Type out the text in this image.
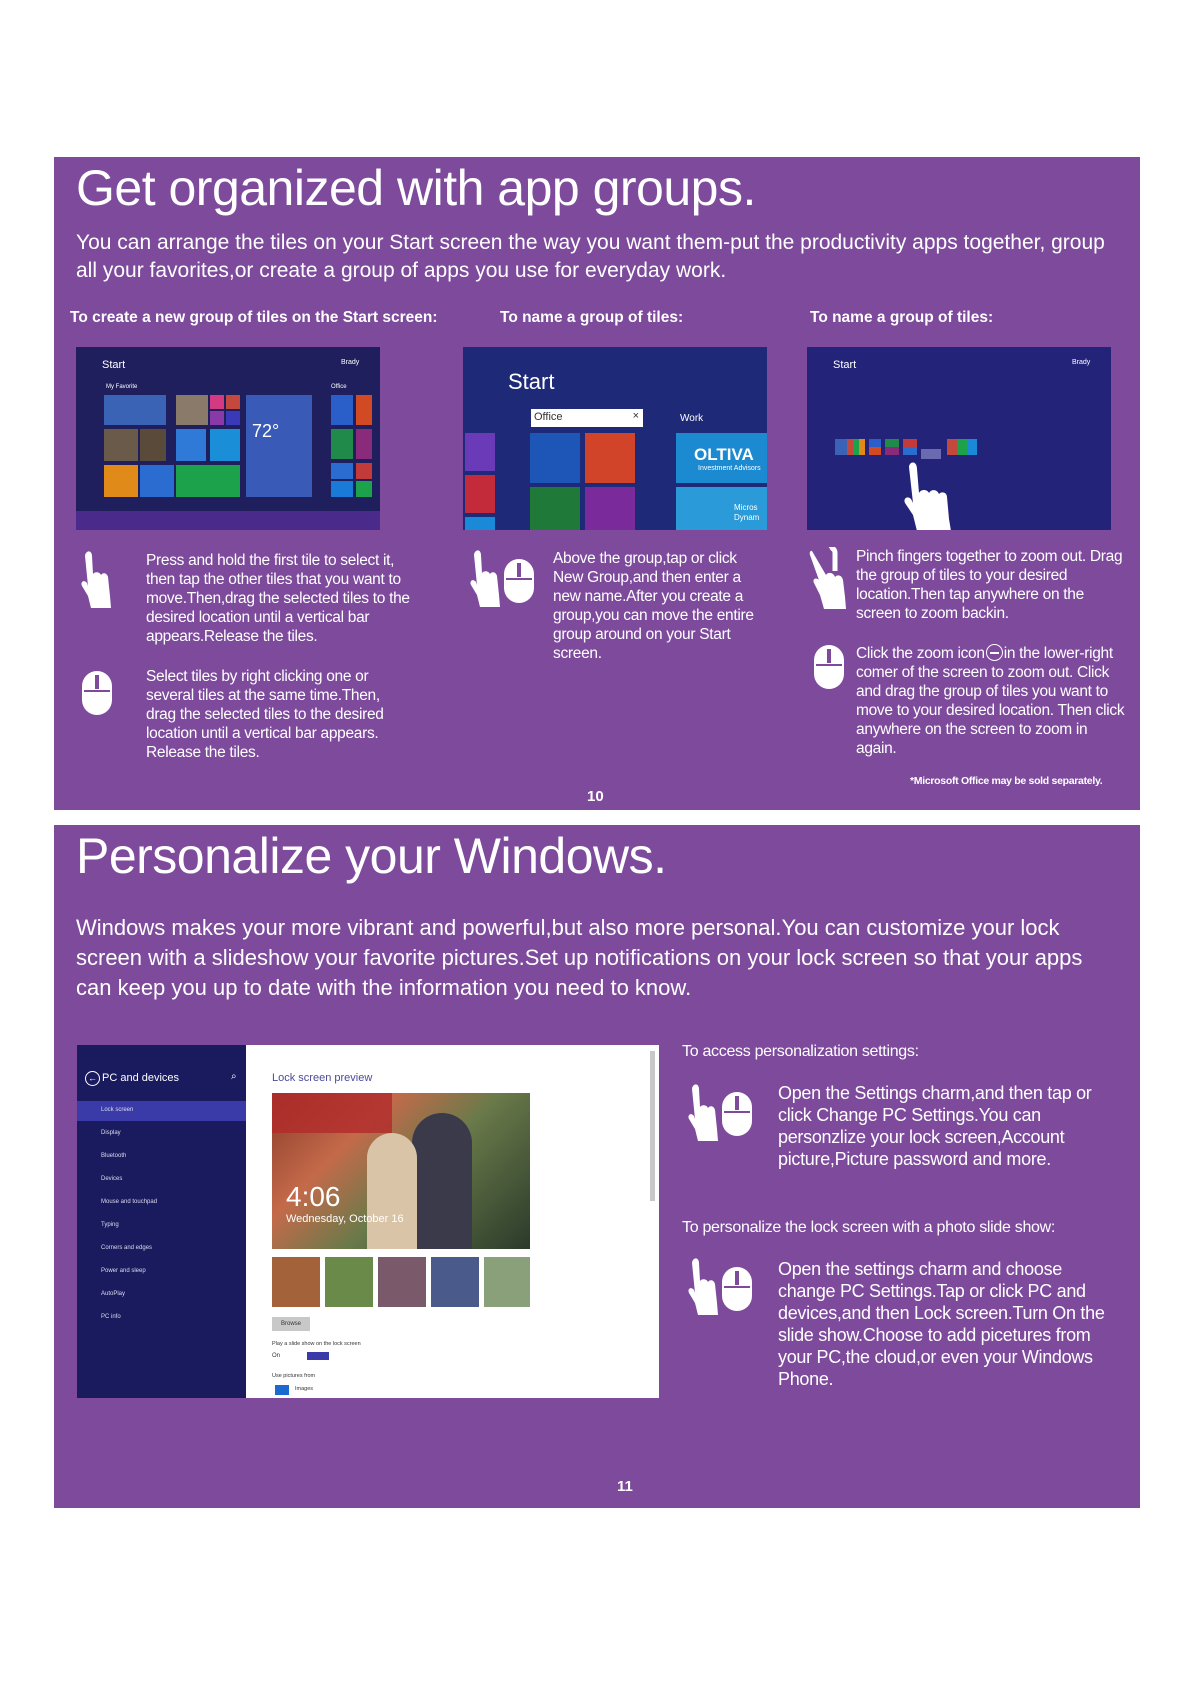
Get organized with app groups.
You can arrange the tiles on your Start screen the way you want them-put the productivity apps together, group all your favorites,or create a group of apps you use for everyday work.
To create a new group of tiles on the Start screen:	To name a group of tiles:	To name a group of tiles:
Start	Brady
My Favorite	Office
72°
Start
Office	×	Work
OLTIVA
Investment Advisors
Micros Dynam
Start	Brady
Press and hold the first tile to select it, then tap the other tiles that you want to move.Then,drag the selected tiles to the desired location until a vertical bar appears.Release the tiles.
Select tiles by right clicking one or several tiles at the same time.Then, drag the selected tiles to the desired location until a vertical bar appears. Release the tiles.
Above the group,tap or click New Group,and then enter a new name.After you create a group,you can move the entire group around on your Start screen.
Pinch fingers together to zoom out. Drag the group of tiles to your desired location.Then tap anywhere on the screen to zoom backin.
Click the zoom icon in the lower-right comer of the screen to zoom out. Click and drag the group of tiles you want to move to your desired location. Then click anywhere on the screen to zoom in again.
*Microsoft Office may be sold separately.
10
Personalize your Windows.
Windows makes your more vibrant and powerful,but also more personal.You can customize your lock screen with a slideshow your favorite pictures.Set up notifications on your lock screen so that your apps can keep you up to date with the information you need to know.
← PC and devices	⌕
Lock screen
Display
Bluetooth
Devices
Mouse and touchpad
Typing
Corners and edges
Power and sleep
AutoPlay
PC info
Lock screen preview
4:06
Wednesday, October 16
Browse
Play a slide show on the lock screen
On
Use pictures from
Images
To access personalization settings:
Open the Settings charm,and then tap or click Change PC Settings.You can personzlize your lock screen,Account picture,Picture password and more.
To personalize the lock screen with a photo slide show:
Open the settings charm and choose change PC Settings.Tap or click PC and devices,and then Lock screen.Turn On the slide show.Choose to add picetures from your PC,the cloud,or even your Windows Phone.
11
